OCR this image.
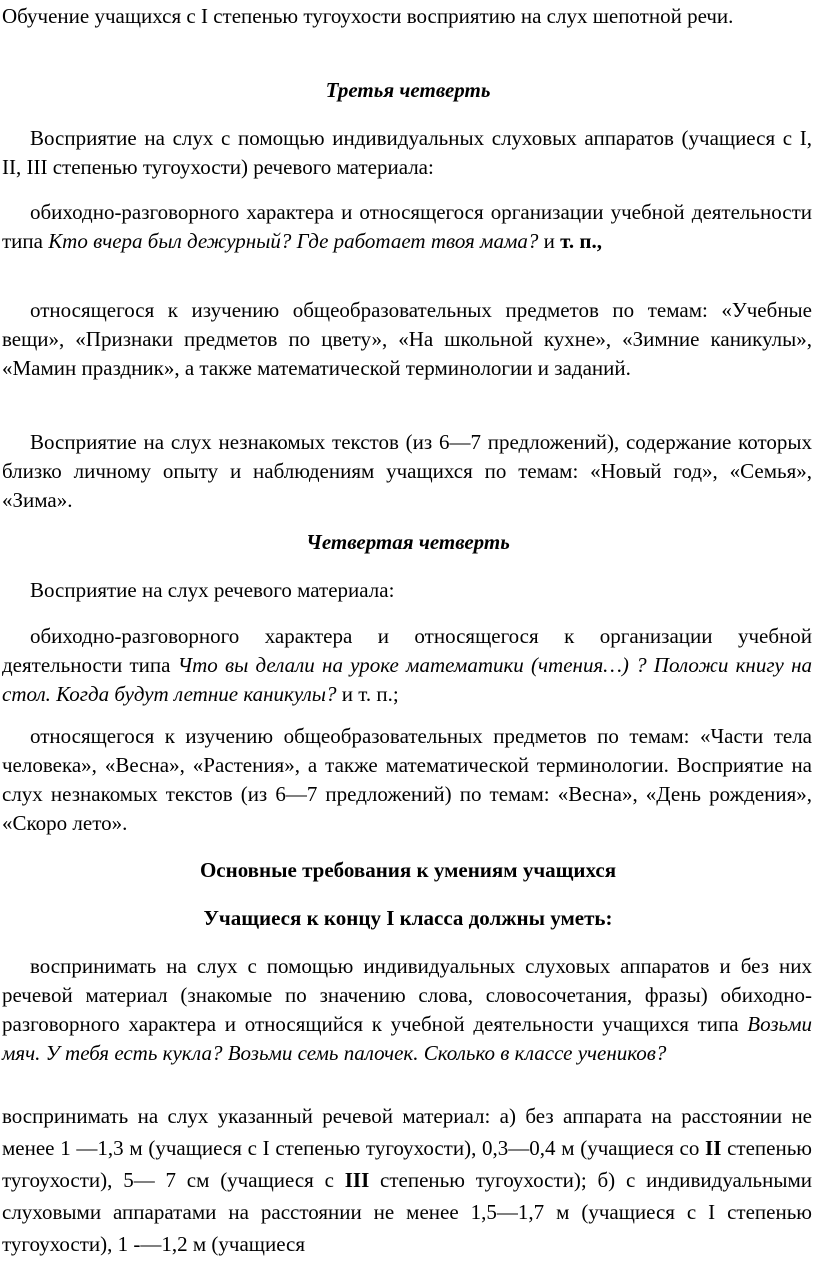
Обучение учащихся с I степенью тугоухости восприятию на слух шепотной речи.

Третья четверть

Восприятие на слух с помощью индивидуальных слуховых аппаратов (учащиеся с I, II, III степенью тугоухости) речевого материала:

обиходно-разговорного характера и относящегося организации учебной деятельности типа Кто вчера был дежурный? Где работает твоя мама? и т. п.,

относящегося к изучению общеобразовательных предметов по темам: «Учебные вещи», «Признаки предметов по цвету», «На школьной кухне», «Зимние каникулы», «Мамин праздник», а также математической терминологии и заданий.

Восприятие на слух незнакомых текстов (из 6—7 предложений), содержание которых близко личному опыту и наблюдениям учащихся по темам: «Новый год», «Семья», «Зима».

Четвертая четверть

Восприятие на слух речевого материала:

обиходно-разговорного характера и относящегося к организации учебной деятельности типа Что вы делали на уроке математики (чтения…) ? Положи книгу на стол. Когда будут летние каникулы? и т. п.;

относящегося к изучению общеобразовательных предметов по темам: «Части тела человека», «Весна», «Растения», а также математической терминологии. Восприятие на слух незнакомых текстов (из 6—7 предложений) по темам: «Весна», «День рождения», «Скоро лето».

Основные требования к умениям учащихся

Учащиеся к концу I класса должны уметь:

воспринимать на слух с помощью индивидуальных слуховых аппаратов и без них речевой материал (знакомые по значению слова, словосочетания, фразы) обиходно-разговорного характера и относящийся к учебной деятельности учащихся типа Возьми мяч. У тебя есть кукла? Возьми семь палочек. Сколько в классе учеников?

воспринимать на слух указанный речевой материал: а) без аппарата на расстоянии не менее 1 —1,3 м (учащиеся с I степенью тугоухости), 0,3—0,4 м (учащиеся со II степенью тугоухости), 5— 7 см (учащиеся с III степенью тугоухости); б) с индивидуальными слуховыми аппаратами на расстоянии не менее 1,5—1,7 м (учащиеся с I степенью тугоухости), 1 -—1,2 м (учащиеся
